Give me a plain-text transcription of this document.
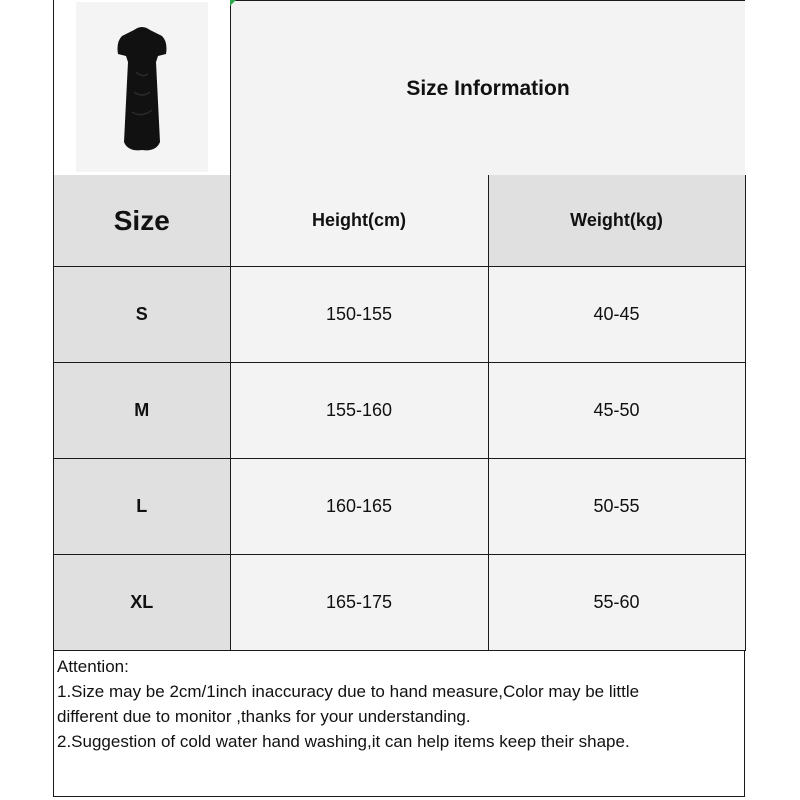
Size Information
Size	Height(cm)	Weight(kg)
S	150-155	40-45
M	155-160	45-50
L	160-165	50-55
XL	165-175	55-60
Attention:
1.Size may be 2cm/1inch inaccuracy due to hand measure,Color may be little
different due to monitor ,thanks for your understanding.
2.Suggestion of cold water hand washing,it can help items keep their shape.
